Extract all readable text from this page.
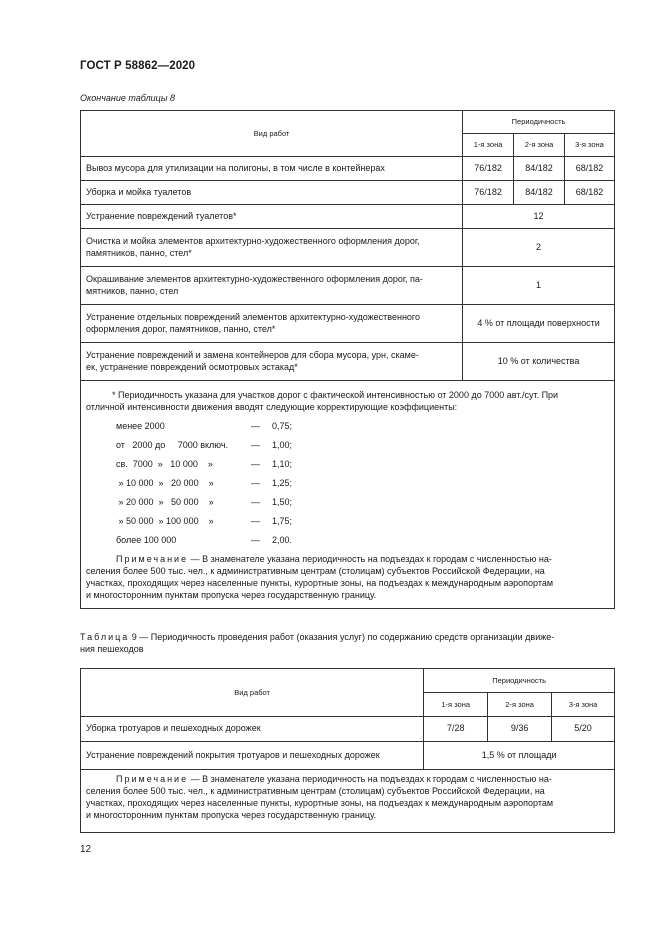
ГОСТ Р 58862—2020
Окончание таблицы 8
Вид работ	Периодичность		
	1-я зона	2-я зона	3-я зона
Вывоз мусора для утилизации на полигоны, в том числе в контейнерах	76/182	84/182	68/182
Уборка и мойка туалетов	76/182	84/182	68/182
Устранение повреждений туалетов*	12		
Очистка и мойка элементов архитектурно-художественного оформления дорог,
памятников, панно, стел*	2		
Окрашивание элементов архитектурно-художественного оформления дорог, па-
мятников, панно, стел	1		
Устранение отдельных повреждений элементов архитектурно-художественного
оформления дорог, памятников, панно, стел*	4 % от площади поверхности		
Устранение повреждений и замена контейнеров для сбора мусора, урн, скаме-
ек, устранение повреждений осмотровых эстакад*	10 % от количества		

* Периодичность указана для участков дорог с фактической интенсивностью от 2000 до 7000 авт./сут. При
отличной интенсивности движения вводят следующие корректирующие коэффициенты:
менее 2000	— 0,75;
от   2000 до     7000 включ.	— 1,00;
св.  7000  »   10 000    »	— 1,10;
» 10 000  »   20 000    »	— 1,25;
» 20 000  »   50 000    »	— 1,50;
» 50 000  » 100 000    »	— 1,75;
более 100 000	— 2,00.
Примечание — В знаменателе указана периодичность на подъездах к городам с численностью на-
селения более 500 тыс. чел., к административным центрам (столицам) субъектов Российской Федерации, на
участках, проходящих через населенные пункты, курортные зоны, на подъездах к международным аэропортам
и многосторонним пунктам пропуска через государственную границу.
Таблица 9 — Периодичность проведения работ (оказания услуг) по содержанию средств организации движе-
ния пешеходов
Вид работ	Периодичность		
	1-я зона	2-я зона	3-я зона
Уборка тротуаров и пешеходных дорожек	7/28	9/36	5/20
Устранение повреждений покрытия тротуаров и пешеходных дорожек	1,5 % от площади		

Примечание — В знаменателе указана периодичность на подъездах к городам с численностью на-
селения более 500 тыс. чел., к административным центрам (столицам) субъектов Российской Федерации, на
участках, проходящих через населенные пункты, курортные зоны, на подъездах к международным аэропортам
и многосторонним пунктам пропуска через государственную границу.
12
